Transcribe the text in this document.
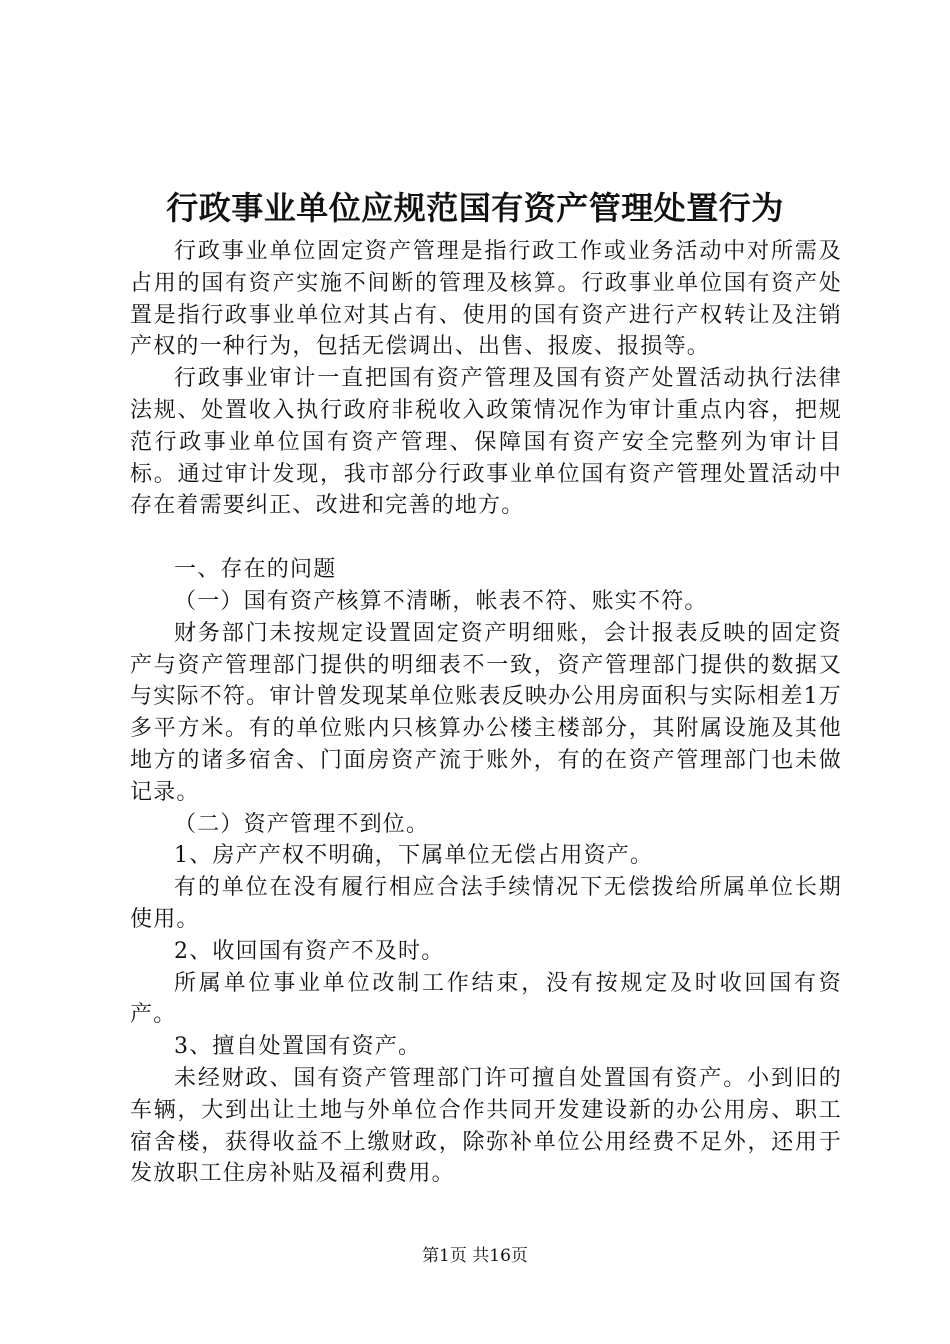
行政事业单位应规范国有资产管理处置行为

行政事业单位固定资产管理是指行政工作或业务活动中对所需及占用的国有资产实施不间断的管理及核算。行政事业单位国有资产处置是指行政事业单位对其占有、使用的国有资产进行产权转让及注销产权的一种行为，包括无偿调出、出售、报废、报损等。

行政事业审计一直把国有资产管理及国有资产处置活动执行法律法规、处置收入执行政府非税收入政策情况作为审计重点内容，把规范行政事业单位国有资产管理、保障国有资产安全完整列为审计目标。通过审计发现，我市部分行政事业单位国有资产管理处置活动中存在着需要纠正、改进和完善的地方。

一、存在的问题

（一）国有资产核算不清晰，帐表不符、账实不符。

财务部门未按规定设置固定资产明细账，会计报表反映的固定资产与资产管理部门提供的明细表不一致，资产管理部门提供的数据又与实际不符。审计曾发现某单位账表反映办公用房面积与实际相差1万多平方米。有的单位账内只核算办公楼主楼部分，其附属设施及其他地方的诸多宿舍、门面房资产流于账外，有的在资产管理部门也未做记录。

（二）资产管理不到位。

1、房产产权不明确，下属单位无偿占用资产。

有的单位在没有履行相应合法手续情况下无偿拨给所属单位长期使用。

2、收回国有资产不及时。

所属单位事业单位改制工作结束，没有按规定及时收回国有资产。

3、擅自处置国有资产。

未经财政、国有资产管理部门许可擅自处置国有资产。小到旧的车辆，大到出让土地与外单位合作共同开发建设新的办公用房、职工宿舍楼，获得收益不上缴财政，除弥补单位公用经费不足外，还用于发放职工住房补贴及福利费用。

第1页 共16页
